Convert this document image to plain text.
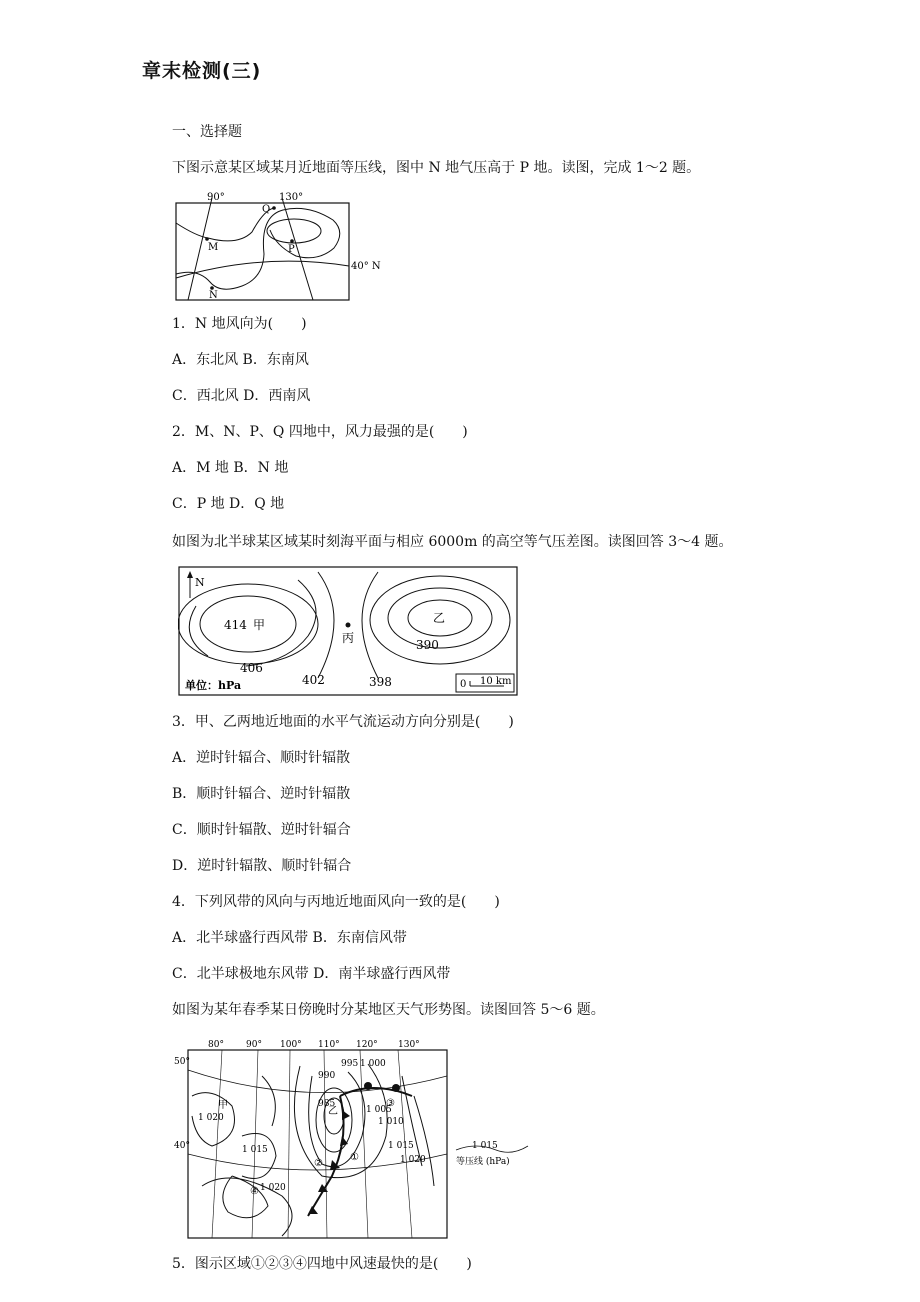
章末检测(三)
一、选择题
下图示意某区域某月近地面等压线，图中 N 地气压高于 P 地。读图，完成 1～2 题。
90°	130°
40° N
M
N
P
Q
1．N 地风向为(　　)
A．东北风 B．东南风
C．西北风 D．西南风
2．M、N、P、Q 四地中，风力最强的是(　　)
A．M 地 B．N 地
C．P 地 D．Q 地
如图为北半球某区域某时刻海平面与相应 6000m 的高空等气压差图。读图回答 3～4 题。
N
414 甲
丙
乙
390
406
402	398
单位：hPa	0 10 km
3．甲、乙两地近地面的水平气流运动方向分别是(　　)
A．逆时针辐合、顺时针辐散
B．顺时针辐合、逆时针辐散
C．顺时针辐散、逆时针辐合
D．逆时针辐散、顺时针辐合
4．下列风带的风向与丙地近地面风向一致的是(　　)
A．北半球盛行西风带 B．东南信风带
C．北半球极地东风带 D．南半球盛行西风带
如图为某年春季某日傍晚时分某地区天气形势图。读图回答 5～6 题。
80° 90° 100° 110° 120° 130°
50°
40°
995 1 000
990
985
1 005
1 010
1 015
1 015
1 020
1 020
1 020
甲
乙
①
②
③
④
1 015
等压线 (hPa)
5．图示区域①②③④四地中风速最快的是(　　)
